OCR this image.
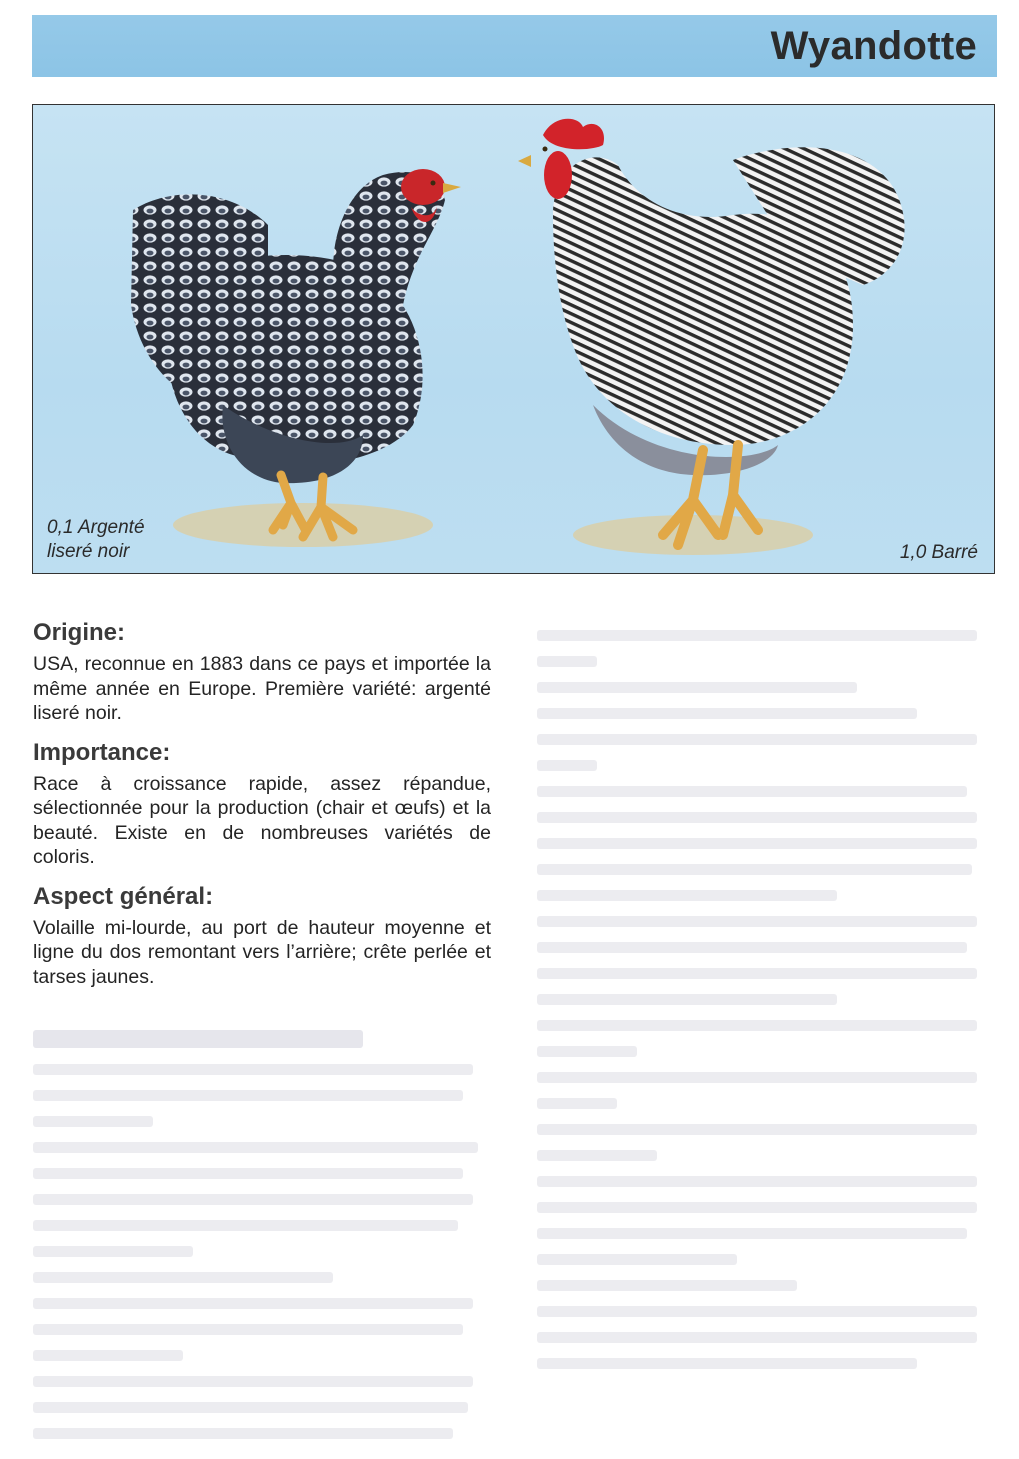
Wyandotte
0,1 Argenté
liseré noir	1,0 Barré
Origine:

USA, reconnue en 1883 dans ce pays et importée la même année en Europe. Première variété: argenté liseré noir.

Importance:

Race à croissance rapide, assez répandue, sélectionnée pour la production (chair et œufs) et la beauté. Existe en de nombreuses variétés de coloris.

Aspect général:

Volaille mi-lourde, au port de hauteur moyenne et ligne du dos remontant vers l’arrière; crête perlée et tarses jaunes.
